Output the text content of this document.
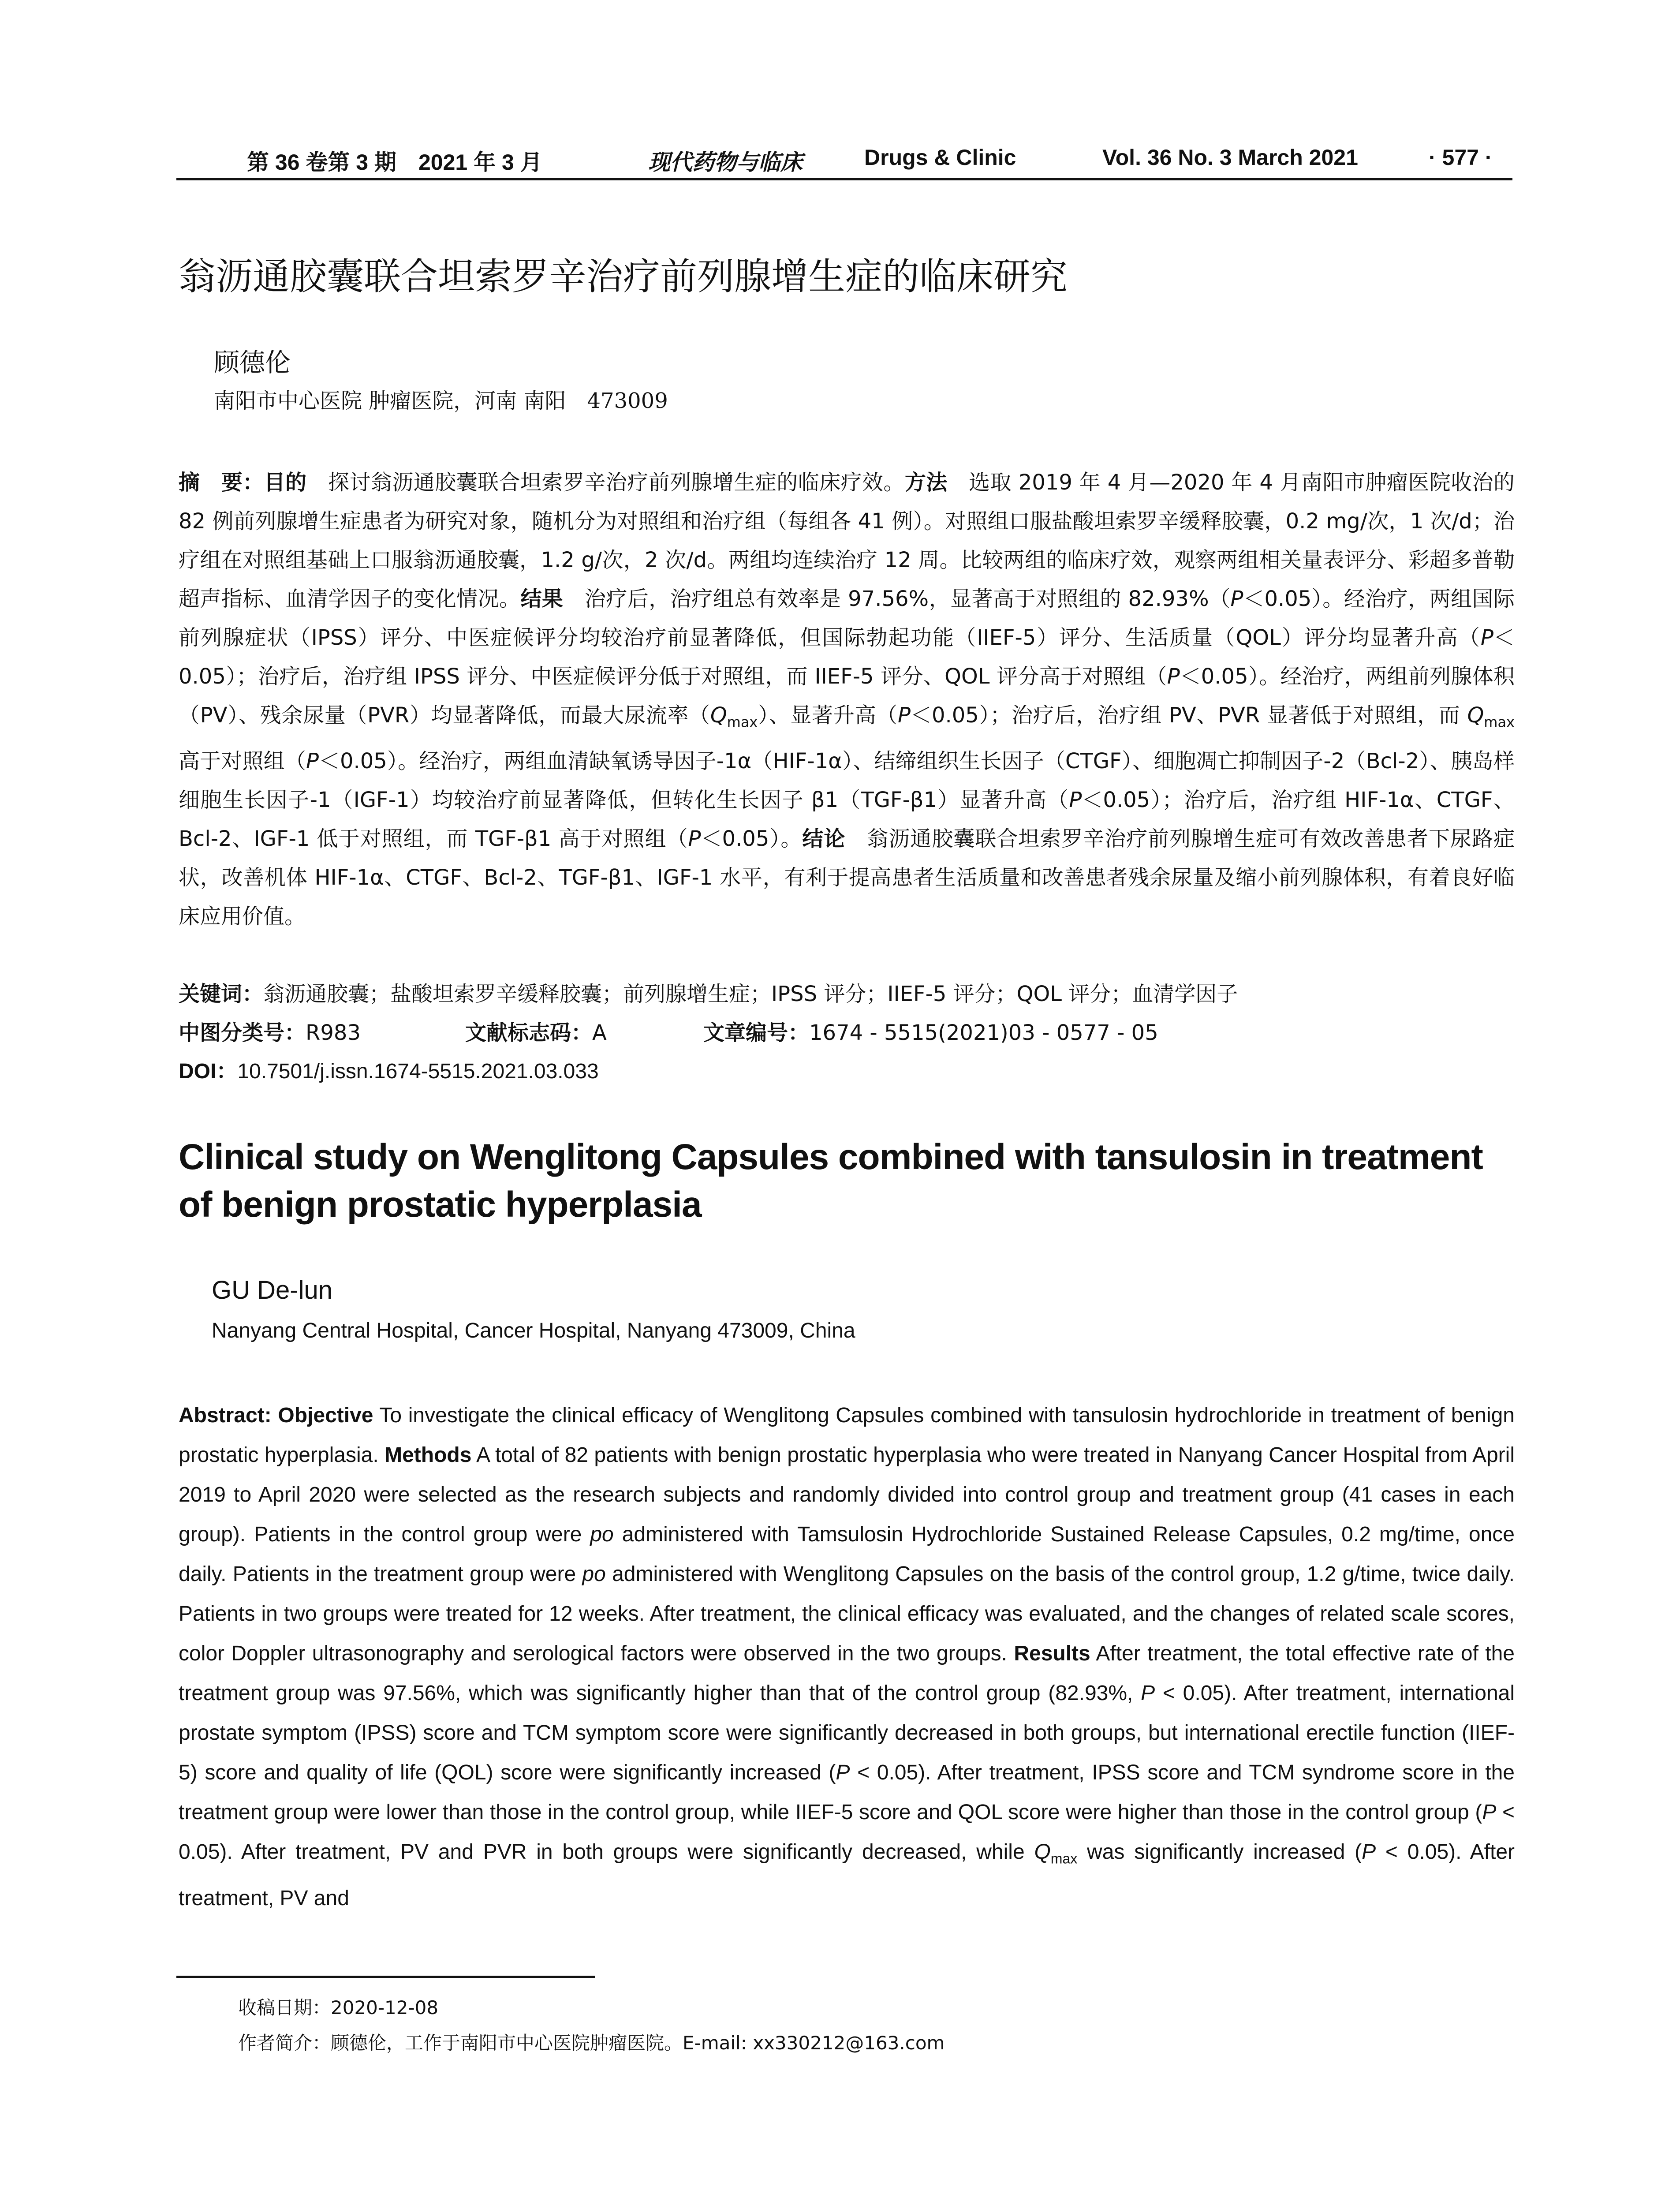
第 36 卷第 3 期　2021 年 3 月	现代药物与临床	Drugs & Clinic	Vol. 36 No. 3 March 2021	· 577 ·
翁沥通胶囊联合坦索罗辛治疗前列腺增生症的临床研究
顾德伦
南阳市中心医院 肿瘤医院，河南 南阳　473009
摘　要：目的　探讨翁沥通胶囊联合坦索罗辛治疗前列腺增生症的临床疗效。方法　选取 2019 年 4 月—2020 年 4 月南阳市肿瘤医院收治的 82 例前列腺增生症患者为研究对象，随机分为对照组和治疗组（每组各 41 例）。对照组口服盐酸坦索罗辛缓释胶囊，0.2 mg/次，1 次/d；治疗组在对照组基础上口服翁沥通胶囊，1.2 g/次，2 次/d。两组均连续治疗 12 周。比较两组的临床疗效，观察两组相关量表评分、彩超多普勒超声指标、血清学因子的变化情况。结果　治疗后，治疗组总有效率是 97.56%，显著高于对照组的 82.93%（P＜0.05）。经治疗，两组国际前列腺症状（IPSS）评分、中医症候评分均较治疗前显著降低，但国际勃起功能（IIEF-5）评分、生活质量（QOL）评分均显著升高（P＜0.05）；治疗后，治疗组 IPSS 评分、中医症候评分低于对照组，而 IIEF-5 评分、QOL 评分高于对照组（P＜0.05）。经治疗，两组前列腺体积（PV）、残余尿量（PVR）均显著降低，而最大尿流率$(Q_{max})$、显著升高（P＜0.05）；治疗后，治疗组 PV、PVR 显著低于对照组，而 $Q_{max}$ 高于对照组（P＜0.05）。经治疗，两组血清缺氧诱导因子-1α（HIF-1α）、结缔组织生长因子（CTGF）、细胞凋亡抑制因子-2（Bcl-2）、胰岛样细胞生长因子-1（IGF-1）均较治疗前显著降低，但转化生长因子 β1（TGF-β1）显著升高（P＜0.05）；治疗后，治疗组 HIF-1α、CTGF、Bcl-2、IGF-1 低于对照组，而 TGF-β1 高于对照组（P＜0.05）。结论　翁沥通胶囊联合坦索罗辛治疗前列腺增生症可有效改善患者下尿路症状，改善机体 HIF-1α、CTGF、Bcl-2、TGF-β1、IGF-1 水平，有利于提高患者生活质量和改善患者残余尿量及缩小前列腺体积，有着良好临床应用价值。
关键词：翁沥通胶囊；盐酸坦索罗辛缓释胶囊；前列腺增生症；IPSS 评分；IIEF-5 评分；QOL 评分；血清学因子
中图分类号：R983	文献标志码：A	文章编号：1674 - 5515(2021)03 - 0577 - 05
DOI：10.7501/j.issn.1674-5515.2021.03.033
Clinical study on Wenglitong Capsules combined with tansulosin in treatment of benign prostatic hyperplasia
GU De-lun
Nanyang Central Hospital, Cancer Hospital, Nanyang 473009, China
Abstract: Objective To investigate the clinical efficacy of Wenglitong Capsules combined with tansulosin hydrochloride in treatment of benign prostatic hyperplasia. Methods A total of 82 patients with benign prostatic hyperplasia who were treated in Nanyang Cancer Hospital from April 2019 to April 2020 were selected as the research subjects and randomly divided into control group and treatment group (41 cases in each group). Patients in the control group were po administered with Tamsulosin Hydrochloride Sustained Release Capsules, 0.2 mg/time, once daily. Patients in the treatment group were po administered with Wenglitong Capsules on the basis of the control group, 1.2 g/time, twice daily. Patients in two groups were treated for 12 weeks. After treatment, the clinical efficacy was evaluated, and the changes of related scale scores, color Doppler ultrasonography and serological factors were observed in the two groups. Results After treatment, the total effective rate of the treatment group was 97.56%, which was significantly higher than that of the control group (82.93%, P < 0.05). After treatment, international prostate symptom (IPSS) score and TCM symptom score were significantly decreased in both groups, but international erectile function (IIEF-5) score and quality of life (QOL) score were significantly increased (P < 0.05). After treatment, IPSS score and TCM syndrome score in the treatment group were lower than those in the control group, while IIEF-5 score and QOL score were higher than those in the control group (P < 0.05). After treatment, PV and PVR in both groups were significantly decreased, while $Q_{max}$ was significantly increased (P < 0.05). After treatment, PV and
收稿日期：2020-12-08
作者简介：顾德伦，工作于南阳市中心医院肿瘤医院。E-mail: xx330212@163.com
